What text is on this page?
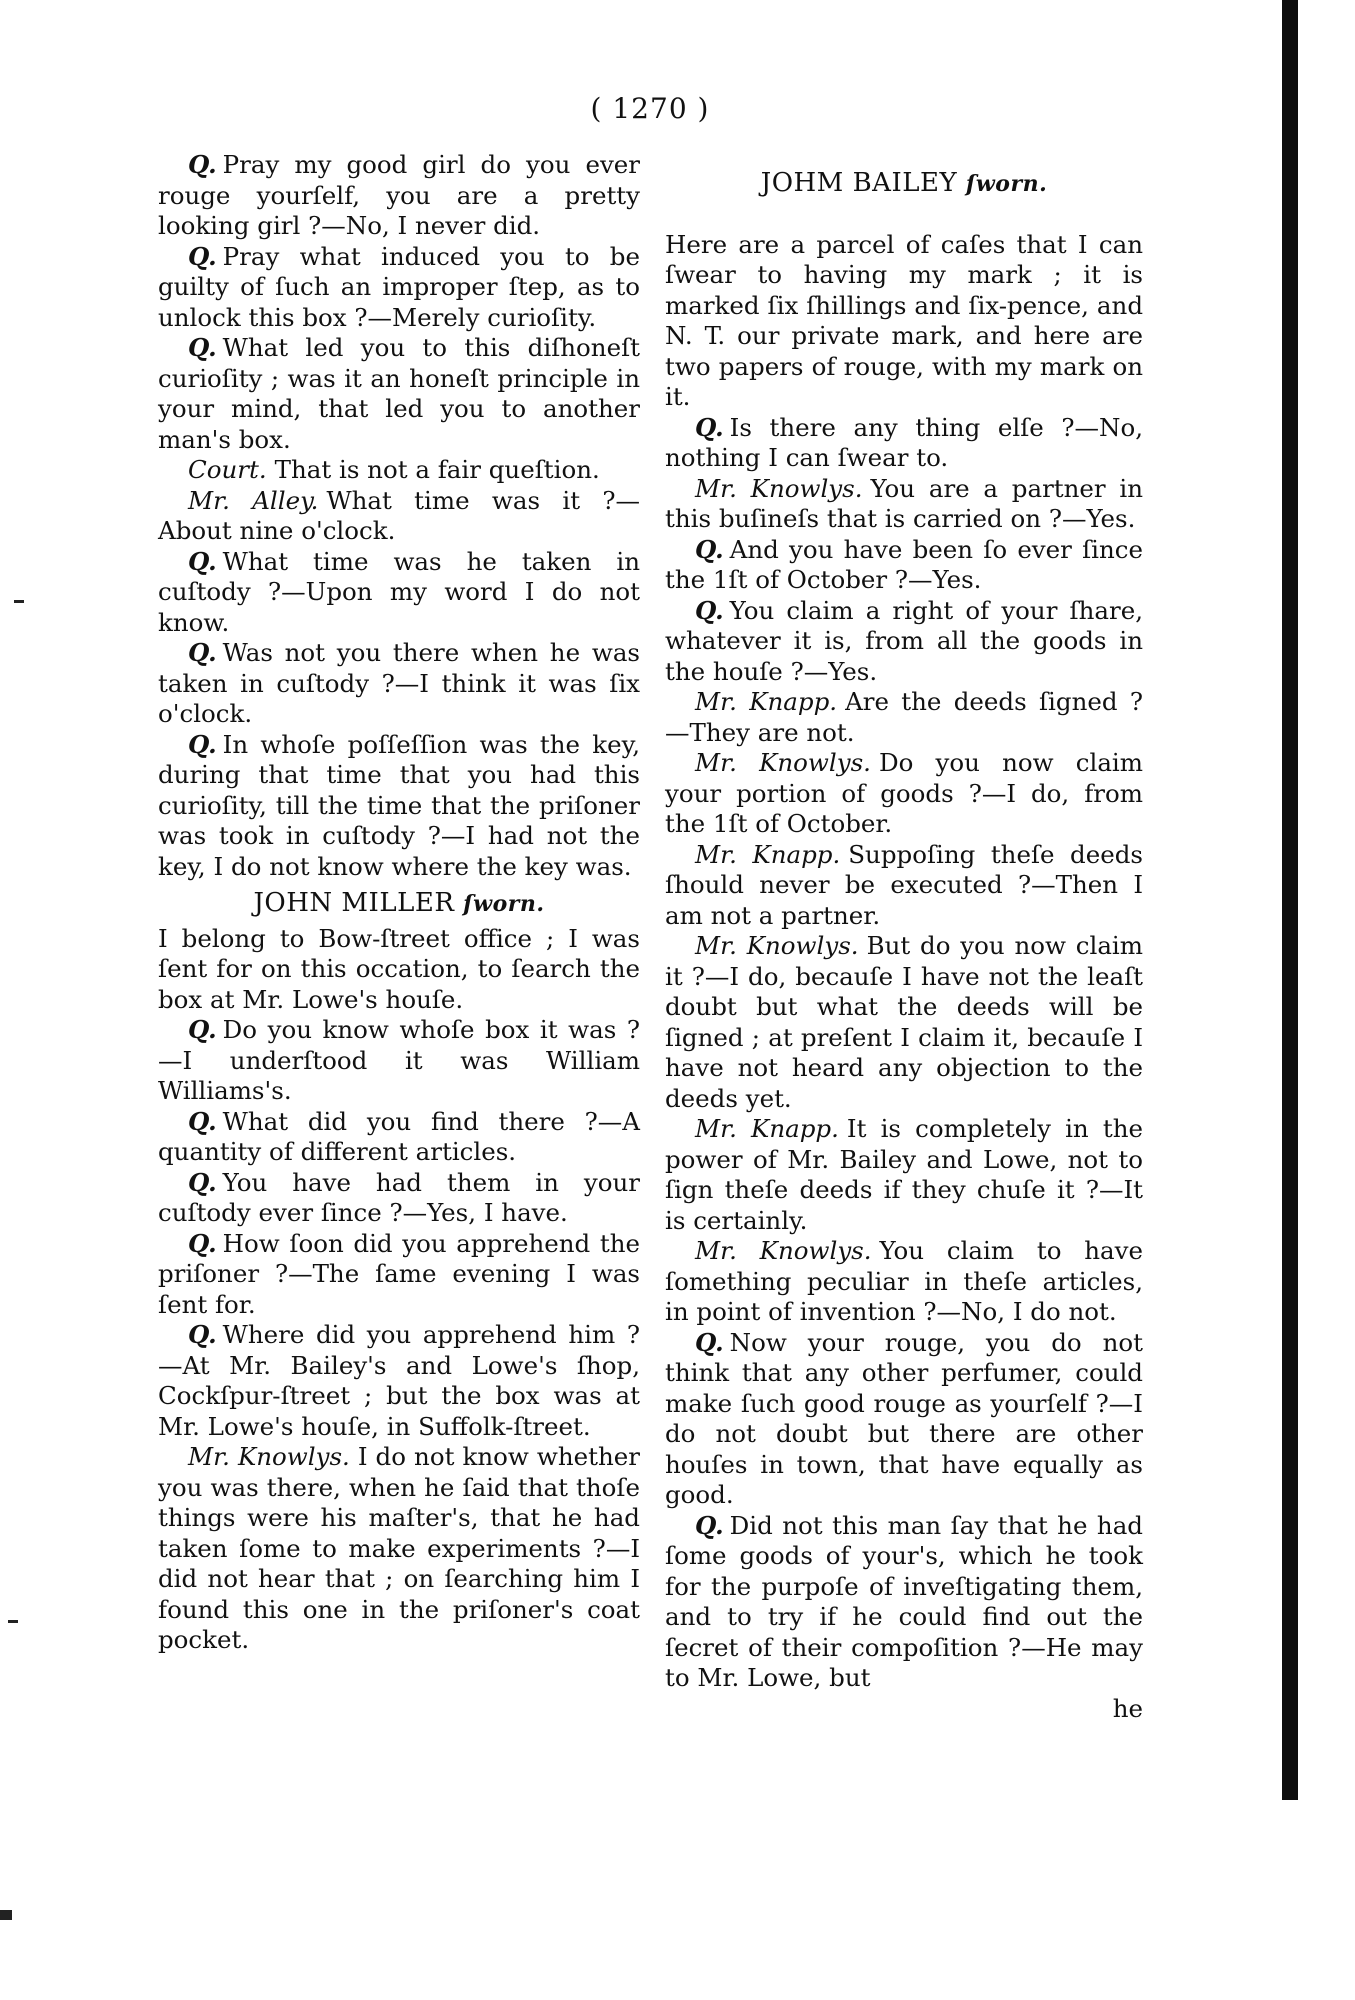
( 1270 )

Q. Pray my good girl do you ever rouge yourſelf, you are a pretty looking girl ?—No, I never did.

Q. Pray what induced you to be guilty of ſuch an improper ſtep, as to unlock this box ?—Merely curioſity.

Q. What led you to this diſhoneſt curioſity ; was it an honeſt principle in your mind, that led you to another man's box.

Court. That is not a fair queſtion.

Mr. Alley. What time was it ?—About nine o'clock.

Q. What time was he taken in cuſtody ?—Upon my word I do not know.

Q. Was not you there when he was taken in cuſtody ?—I think it was ſix o'clock.

Q. In whoſe poſſeſſion was the key, during that time that you had this curioſity, till the time that the priſoner was took in cuſtody ?—I had not the key, I do not know where the key was.

JOHN MILLER ſworn.

I belong to Bow-ſtreet office ; I was ſent for on this occation, to ſearch the box at Mr. Lowe's houſe.

Q. Do you know whoſe box it was ?—I underſtood it was William Williams's.

Q. What did you find there ?—A quantity of different articles.

Q. You have had them in your cuſtody ever ſince ?—Yes, I have.

Q. How ſoon did you apprehend the priſoner ?—The ſame evening I was ſent for.

Q. Where did you apprehend him ?—At Mr. Bailey's and Lowe's ſhop, Cockſpur-ſtreet ; but the box was at Mr. Lowe's houſe, in Suffolk-ſtreet.

Mr. Knowlys. I do not know whether you was there, when he ſaid that thoſe things were his maſter's, that he had taken ſome to make experiments ?—I did not hear that ; on ſearching him I found this one in the priſoner's coat pocket.

JOHM BAILEY ſworn.

Here are a parcel of caſes that I can ſwear to having my mark ; it is marked ſix ſhillings and ſix-pence, and N. T. our private mark, and here are two papers of rouge, with my mark on it.

Q. Is there any thing elſe ?—No, nothing I can ſwear to.

Mr. Knowlys. You are a partner in this buſineſs that is carried on ?—Yes.

Q. And you have been ſo ever ſince the 1ſt of October ?—Yes.

Q. You claim a right of your ſhare, whatever it is, from all the goods in the houſe ?—Yes.

Mr. Knapp. Are the deeds ſigned ?—They are not.

Mr. Knowlys. Do you now claim your portion of goods ?—I do, from the 1ſt of October.

Mr. Knapp. Suppoſing theſe deeds ſhould never be executed ?—Then I am not a partner.

Mr. Knowlys. But do you now claim it ?—I do, becauſe I have not the leaſt doubt but what the deeds will be ſigned ; at preſent I claim it, becauſe I have not heard any objection to the deeds yet.

Mr. Knapp. It is completely in the power of Mr. Bailey and Lowe, not to ſign theſe deeds if they chuſe it ?—It is certainly.

Mr. Knowlys. You claim to have ſomething peculiar in theſe articles, in point of invention ?—No, I do not.

Q. Now your rouge, you do not think that any other perfumer, could make ſuch good rouge as yourſelf ?—I do not doubt but there are other houſes in town, that have equally as good.

Q. Did not this man ſay that he had ſome goods of your's, which he took for the purpoſe of inveſtigating them, and to try if he could find out the ſecret of their compoſition ?—He may to Mr. Lowe, but

he
